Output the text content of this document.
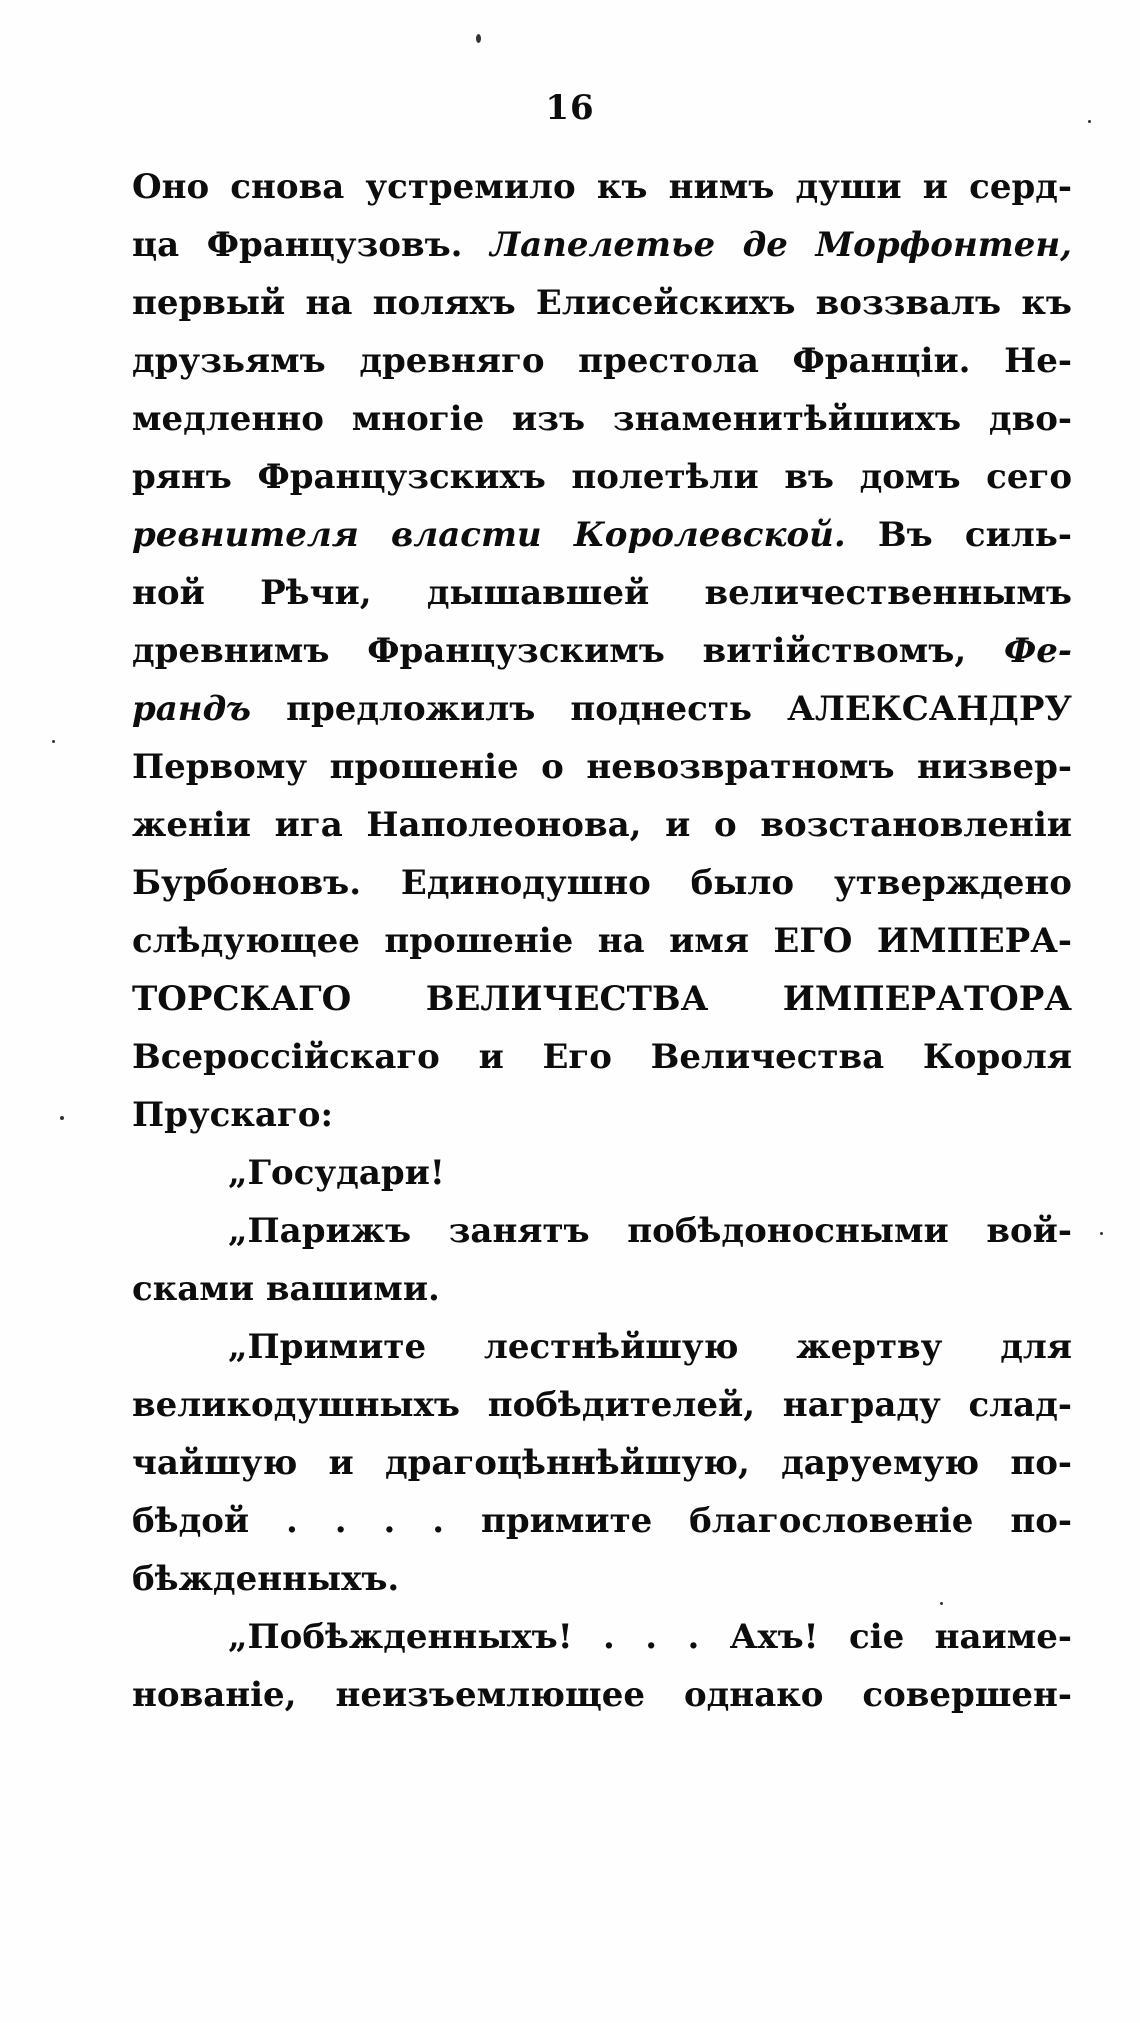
16
Оно снова устремило къ нимъ души и серд-
ца Французовъ. Лапелетье де Морфонтен,
первый на поляхъ Елисейскихъ воззвалъ къ
друзьямъ древняго престола Франціи. Не-
медленно многіе изъ знаменитѣйшихъ дво-
рянъ Французскихъ полетѣли въ домъ сего
ревнителя власти Королевской. Въ силь-
ной Рѣчи, дышавшей величественнымъ
древнимъ Французскимъ витійствомъ, Фе-
рандъ предложилъ поднесть АЛЕКСАНДРУ
Первому прошеніе о невозвратномъ низвер-
женіи ига Наполеонова, и о возстановленіи
Бурбоновъ. Единодушно было утверждено
слѣдующее прошеніе на имя ЕГО ИМПЕРА-
ТОРСКАГО ВЕЛИЧЕСТВА ИМПЕРАТОРА
Всероссійскаго и Его Величества Короля
Прускаго:
„Государи!
„Парижъ занятъ побѣдоносными вой-
сками вашими.
„Примите лестнѣйшую жертву для
великодушныхъ побѣдителей, награду слад-
чайшую и драгоцѣннѣйшую, даруемую по-
бѣдой . . . . примите благословеніе по-
бѣжденныхъ.
„Побѣжденныхъ! . . . Ахъ! сіе наиме-
нованіе, неизъемлющее однако совершен-
